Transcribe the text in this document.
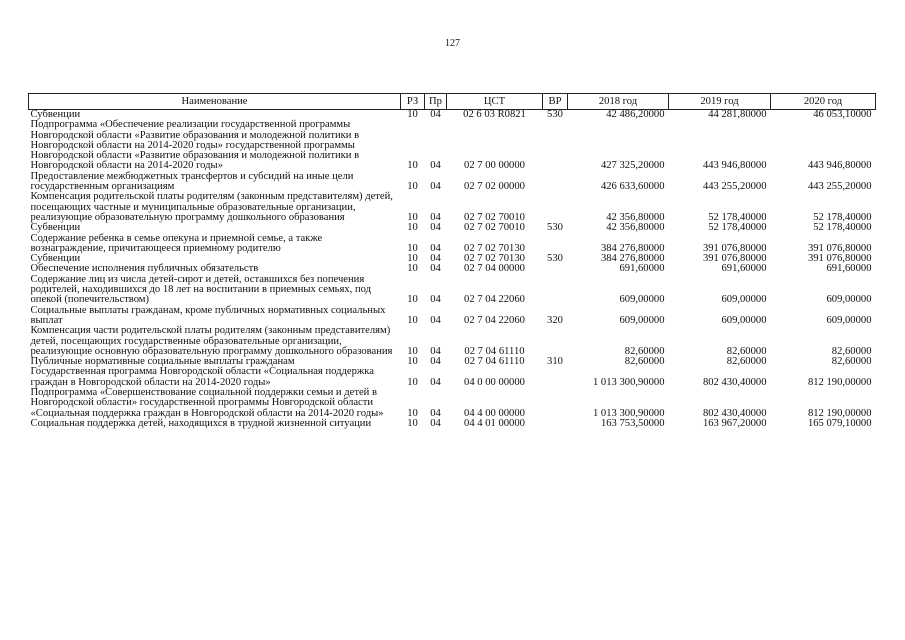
127
Наименование	РЗ	Пр	ЦСТ	ВР	2018 год	2019 год	2020 год
Субвенции	10	04	02 6 03 R0821	530	42 486,20000	44 281,80000	46 053,10000
Подпрограмма «Обеспечение реализации государственной программы Новгородской области «Развитие образования и молодежной политики в Новгородской области на 2014-2020 годы» государственной программы Новгородской области «Развитие образования и молодежной политики в Новгородской области на 2014-2020 годы»	10	04	02 7 00 00000		427 325,20000	443 946,80000	443 946,80000
Предоставление межбюджетных трансфертов и субсидий на иные цели государственным организациям	10	04	02 7 02 00000		426 633,60000	443 255,20000	443 255,20000
Компенсация родительской платы родителям (законным представителям) детей, посещающих частные и муниципальные образовательные организации, реализующие образовательную программу дошкольного образования	10	04	02 7 02 70010		42 356,80000	52 178,40000	52 178,40000
Субвенции	10	04	02 7 02 70010	530	42 356,80000	52 178,40000	52 178,40000
Содержание ребенка в семье опекуна и приемной семье, а также вознаграждение, причитающееся приемному родителю	10	04	02 7 02 70130		384 276,80000	391 076,80000	391 076,80000
Субвенции	10	04	02 7 02 70130	530	384 276,80000	391 076,80000	391 076,80000
Обеспечение исполнения публичных обязательств	10	04	02 7 04 00000		691,60000	691,60000	691,60000
Содержание лиц из числа детей-сирот и детей, оставшихся без попечения родителей, находившихся до 18 лет на воспитании в приемных семьях, под опекой (попечительством)	10	04	02 7 04 22060		609,00000	609,00000	609,00000
Социальные выплаты гражданам, кроме публичных нормативных социальных выплат	10	04	02 7 04 22060	320	609,00000	609,00000	609,00000
Компенсация части родительской платы родителям (законным представителям) детей, посещающих государственные образовательные организации, реализующие основную образовательную программу дошкольного образования	10	04	02 7 04 61110		82,60000	82,60000	82,60000
Публичные нормативные социальные выплаты гражданам	10	04	02 7 04 61110	310	82,60000	82,60000	82,60000
Государственная программа Новгородской области «Социальная поддержка граждан в Новгородской области на 2014-2020 годы»	10	04	04 0 00 00000		1 013 300,90000	802 430,40000	812 190,00000
Подпрограмма «Совершенствование социальной поддержки семьи и детей в Новгородской области» государственной программы Новгородской области «Социальная поддержка граждан в Новгородской области на 2014-2020 годы»	10	04	04 4 00 00000		1 013 300,90000	802 430,40000	812 190,00000
Социальная поддержка детей, находящихся в трудной жизненной ситуации	10	04	04 4 01 00000		163 753,50000	163 967,20000	165 079,10000
